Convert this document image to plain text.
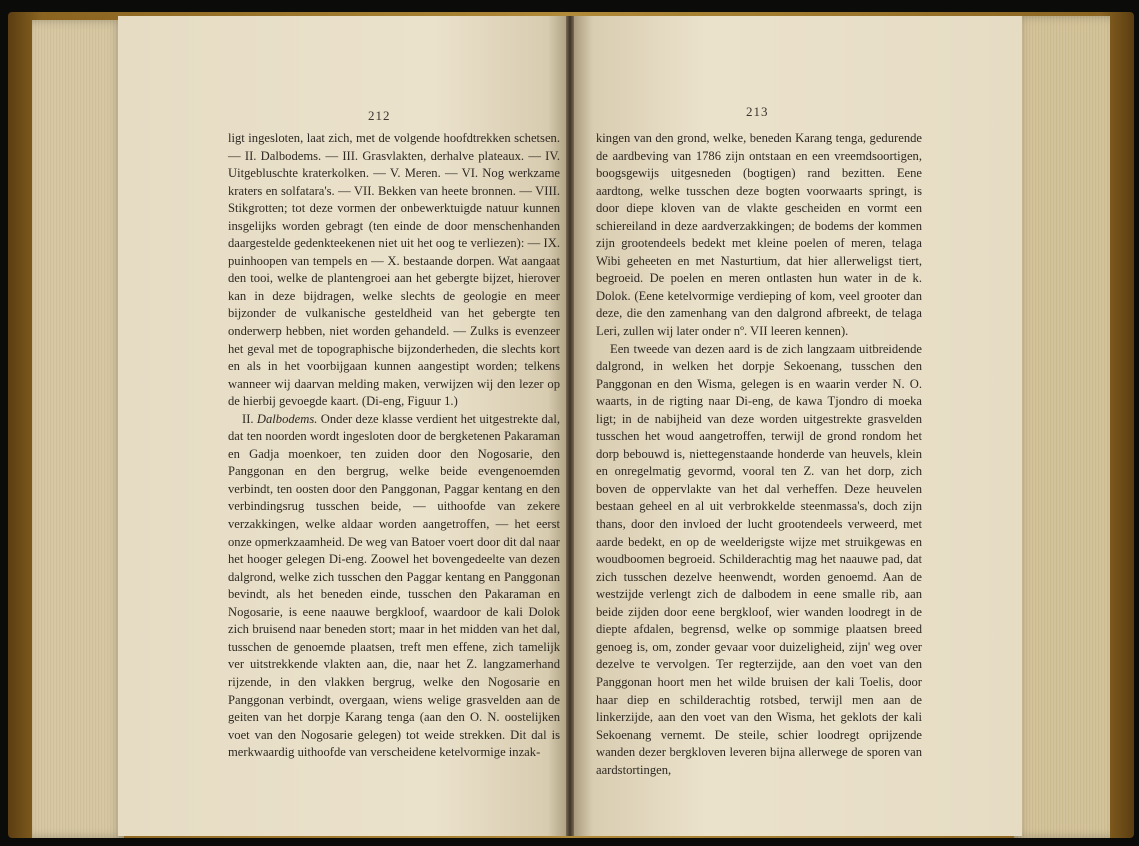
212

ligt ingesloten, laat zich, met de volgende hoofdtrekken schetsen. — II. Dalbodems. — III. Grasvlakten, derhalve plateaux. — IV. Uitgebluschte kraterkolken. — V. Meren. — VI. Nog werkzame kraters en solfatara's. — VII. Bekken van heete bronnen. — VIII. Stikgrotten; tot deze vormen der onbewerktuigde natuur kunnen insgelijks worden gebragt (ten einde de door menschenhanden daargestelde gedenkteekenen niet uit het oog te verliezen): — IX. puinhoopen van tempels en — X. bestaande dorpen. Wat aangaat den tooi, welke de plantengroei aan het gebergte bijzet, hierover kan in deze bijdragen, welke slechts de geologie en meer bijzonder de vulkanische gesteldheid van het gebergte ten onderwerp hebben, niet worden gehandeld. — Zulks is evenzeer het geval met de topographische bijzonderheden, die slechts kort en als in het voorbijgaan kunnen aangestipt worden; telkens wanneer wij daarvan melding maken, verwijzen wij den lezer op de hierbij gevoegde kaart. (Di-eng, Figuur 1.)

II. Dalbodems. Onder deze klasse verdient het uitgestrekte dal, dat ten noorden wordt ingesloten door de bergketenen Pakaraman en Gadja moenkoer, ten zuiden door den Nogosarie, den Panggonan en den bergrug, welke beide evengenoemden verbindt, ten oosten door den Panggonan, Paggar kentang en den verbindingsrug tusschen beide, — uithoofde van zekere verzakkingen, welke aldaar worden aangetroffen, — het eerst onze opmerkzaamheid. De weg van Batoer voert door dit dal naar het hooger gelegen Di-eng. Zoowel het bovengedeelte van dezen dalgrond, welke zich tusschen den Paggar kentang en Panggonan bevindt, als het beneden einde, tusschen den Pakaraman en Nogosarie, is eene naauwe bergkloof, waardoor de kali Dolok zich bruisend naar beneden stort; maar in het midden van het dal, tusschen de genoemde plaatsen, treft men effene, zich tamelijk ver uitstrekkende vlakten aan, die, naar het Z. langzamerhand rijzende, in den vlakken bergrug, welke den Nogosarie en Panggonan verbindt, overgaan, wiens welige grasvelden aan de geiten van het dorpje Karang tenga (aan den O. N. oostelijken voet van den Nogosarie gelegen) tot weide strekken. Dit dal is merkwaardig uithoofde van verscheidene ketelvormige inzak-

213

kingen van den grond, welke, beneden Karang tenga, gedurende de aardbeving van 1786 zijn ontstaan en een vreemdsoortigen, boogsgewijs uitgesneden (bogtigen) rand bezitten. Eene aardtong, welke tusschen deze bogten voorwaarts springt, is door diepe kloven van de vlakte gescheiden en vormt een schiereiland in deze aardverzakkingen; de bodems der kommen zijn grootendeels bedekt met kleine poelen of meren, telaga Wibi geheeten en met Nasturtium, dat hier allerweligst tiert, begroeid. De poelen en meren ontlasten hun water in de k. Dolok. (Eene ketelvormige verdieping of kom, veel grooter dan deze, die den zamenhang van den dalgrond afbreekt, de telaga Leri, zullen wij later onder nº. VII leeren kennen).

Een tweede van dezen aard is de zich langzaam uitbreidende dalgrond, in welken het dorpje Sekoenang, tusschen den Panggonan en den Wisma, gelegen is en waarin verder N. O. waarts, in de rigting naar Di-eng, de kawa Tjondro di moeka ligt; in de nabijheid van deze worden uitgestrekte grasvelden tusschen het woud aangetroffen, terwijl de grond rondom het dorp bebouwd is, niettegenstaande honderde van heuvels, klein en onregelmatig gevormd, vooral ten Z. van het dorp, zich boven de oppervlakte van het dal verheffen. Deze heuvelen bestaan geheel en al uit verbrokkelde steenmassa's, doch zijn thans, door den invloed der lucht grootendeels verweerd, met aarde bedekt, en op de weelderigste wijze met struikgewas en woudboomen begroeid. Schilderachtig mag het naauwe pad, dat zich tusschen dezelve heenwendt, worden genoemd. Aan de westzijde verlengt zich de dalbodem in eene smalle rib, aan beide zijden door eene bergkloof, wier wanden loodregt in de diepte afdalen, begrensd, welke op sommige plaatsen breed genoeg is, om, zonder gevaar voor duizeligheid, zijn' weg over dezelve te vervolgen. Ter regterzijde, aan den voet van den Panggonan hoort men het wilde bruisen der kali Toelis, door haar diep en schilderachtig rotsbed, terwijl men aan de linkerzijde, aan den voet van den Wisma, het geklots der kali Sekoenang vernemt. De steile, schier loodregt oprijzende wanden dezer bergkloven leveren bijna allerwege de sporen van aardstortingen,
